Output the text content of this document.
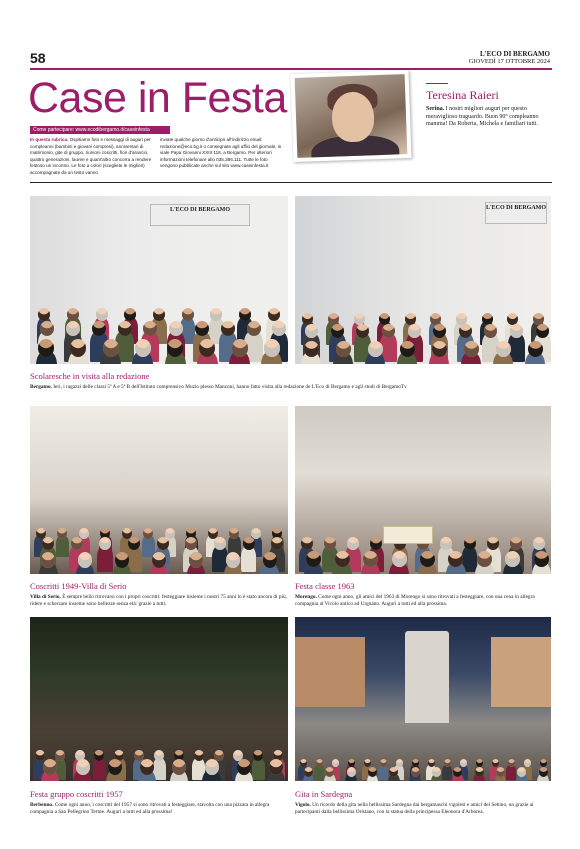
58	L'ECO DI BERGAMO
GIOVEDÌ 17 OTTOBRE 2024
Case in Festa
Come partecipare: www.ecodibergamo.it/caseinfesta
In questa rubrica. Ospitiamo foto e messaggi di auguri per compleanni (bambini e giovani compresi), anniversari di matrimonio, gite di gruppo, riunioni coscritti, fiori d'arancio, quattro generazioni, lauree e quant'altro concorra a rendere festoso un incontro. Le foto a colori (scegliete le migliori) accompagnate da un testo vanno
inviate qualche giorno d'anticipo all'indirizzo email: redazione@eco.bg.it o consegnate agli uffici del giornale, in viale Papa Giovanni XXIII 118, a Bergamo. Per ulteriori informazioni telefonare allo 035.386.111. Tutte le foto vengono pubblicate anche sul sito www.caseinfesta.it
Teresina Raieri
Serina. I nostri migliori auguri per questo meraviglioso traguardo. Buon 90° compleanno mamma! Da Roberta, Michela e familiari tutti.
L'ECO DI BERGAMO	L'ECO DI BERGAMO
Scolaresche in visita alla redazione
Bergamo. Ieri, i ragazzi delle classi 5ª A e 5ª B dell'Istituto comprensivo Muzio plesso Manzoni, hanno fatto visita alla redazione de L'Eco di Bergamo e agli studi di BergamoTv
Coscritti 1949-Villa di Serio
Villa di Serio. È sempre bello ritrovarsi con i propri coscritti: festeggiare insieme i nostri 75 anni lo è stato ancora di più, ridere e scherzare insieme sono bellezze senza età: grazie a tutti.
Festa classe 1963
Morengo. Come ogni anno, gli amici del 1963 di Morengo si sono ritrovati a festeggiare, con una cena in allegra compagnia al Vicolo antico ad Urgnano. Auguri a tutti ed alla prossima.
Festa gruppo coscritti 1957
Berbenno. Come ogni anno, i coscritti del 1957 si sono ritrovati a festeggiare, stavolta con una pizzata in allegra compagnia a San Pellegrino Terme. Auguri a tutti ed alla prossima!
Gita in Sardegna
Vigolo. Un ricordo della gita nella bellissima Sardegna dai bergamaschi vigolesi e amici del Sebino, un grazie ai partecipanti dalla bellissima Oristano, con la statua della principessa Eleonora d'Arborea.
